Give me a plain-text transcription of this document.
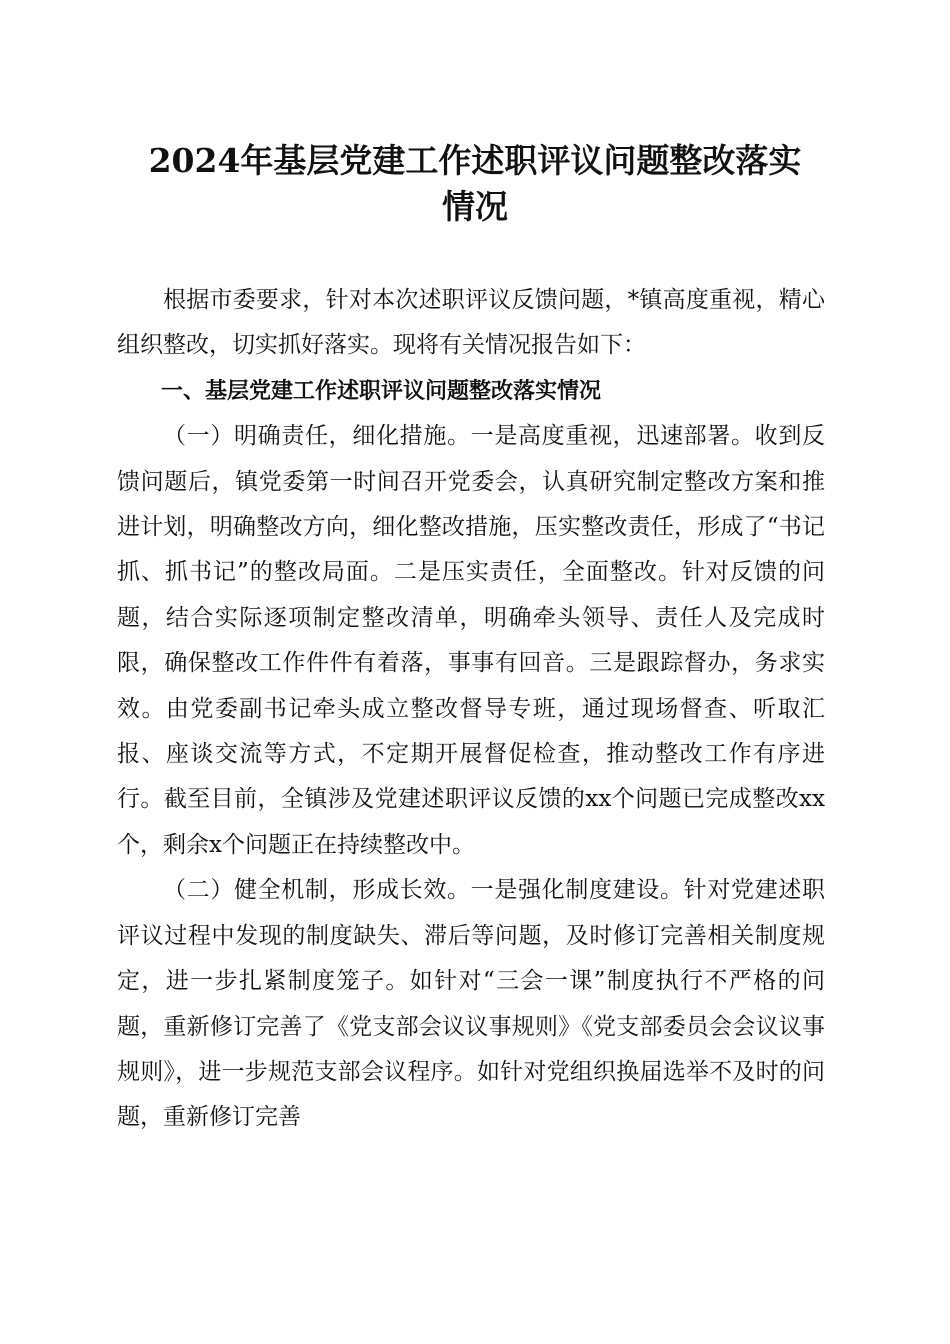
2024年基层党建工作述职评议问题整改落实
情况

根据市委要求，针对本次述职评议反馈问题，*镇高度重视，精心组织整改，切实抓好落实。现将有关情况报告如下：

一、基层党建工作述职评议问题整改落实情况

（一）明确责任，细化措施。一是高度重视，迅速部署。收到反馈问题后，镇党委第一时间召开党委会，认真研究制定整改方案和推进计划，明确整改方向，细化整改措施，压实整改责任，形成了“书记抓、抓书记”的整改局面。二是压实责任，全面整改。针对反馈的问题，结合实际逐项制定整改清单，明确牵头领导、责任人及完成时限，确保整改工作件件有着落，事事有回音。三是跟踪督办，务求实效。由党委副书记牵头成立整改督导专班，通过现场督查、听取汇报、座谈交流等方式，不定期开展督促检查，推动整改工作有序进行。截至目前，全镇涉及党建述职评议反馈的xx个问题已完成整改xx个，剩余x个问题正在持续整改中。

（二）健全机制，形成长效。一是强化制度建设。针对党建述职评议过程中发现的制度缺失、滞后等问题，及时修订完善相关制度规定，进一步扎紧制度笼子。如针对“三会一课”制度执行不严格的问题，重新修订完善了《党支部会议议事规则》《党支部委员会会议议事规则》，进一步规范支部会议程序。如针对党组织换届选举不及时的问题，重新修订完善
